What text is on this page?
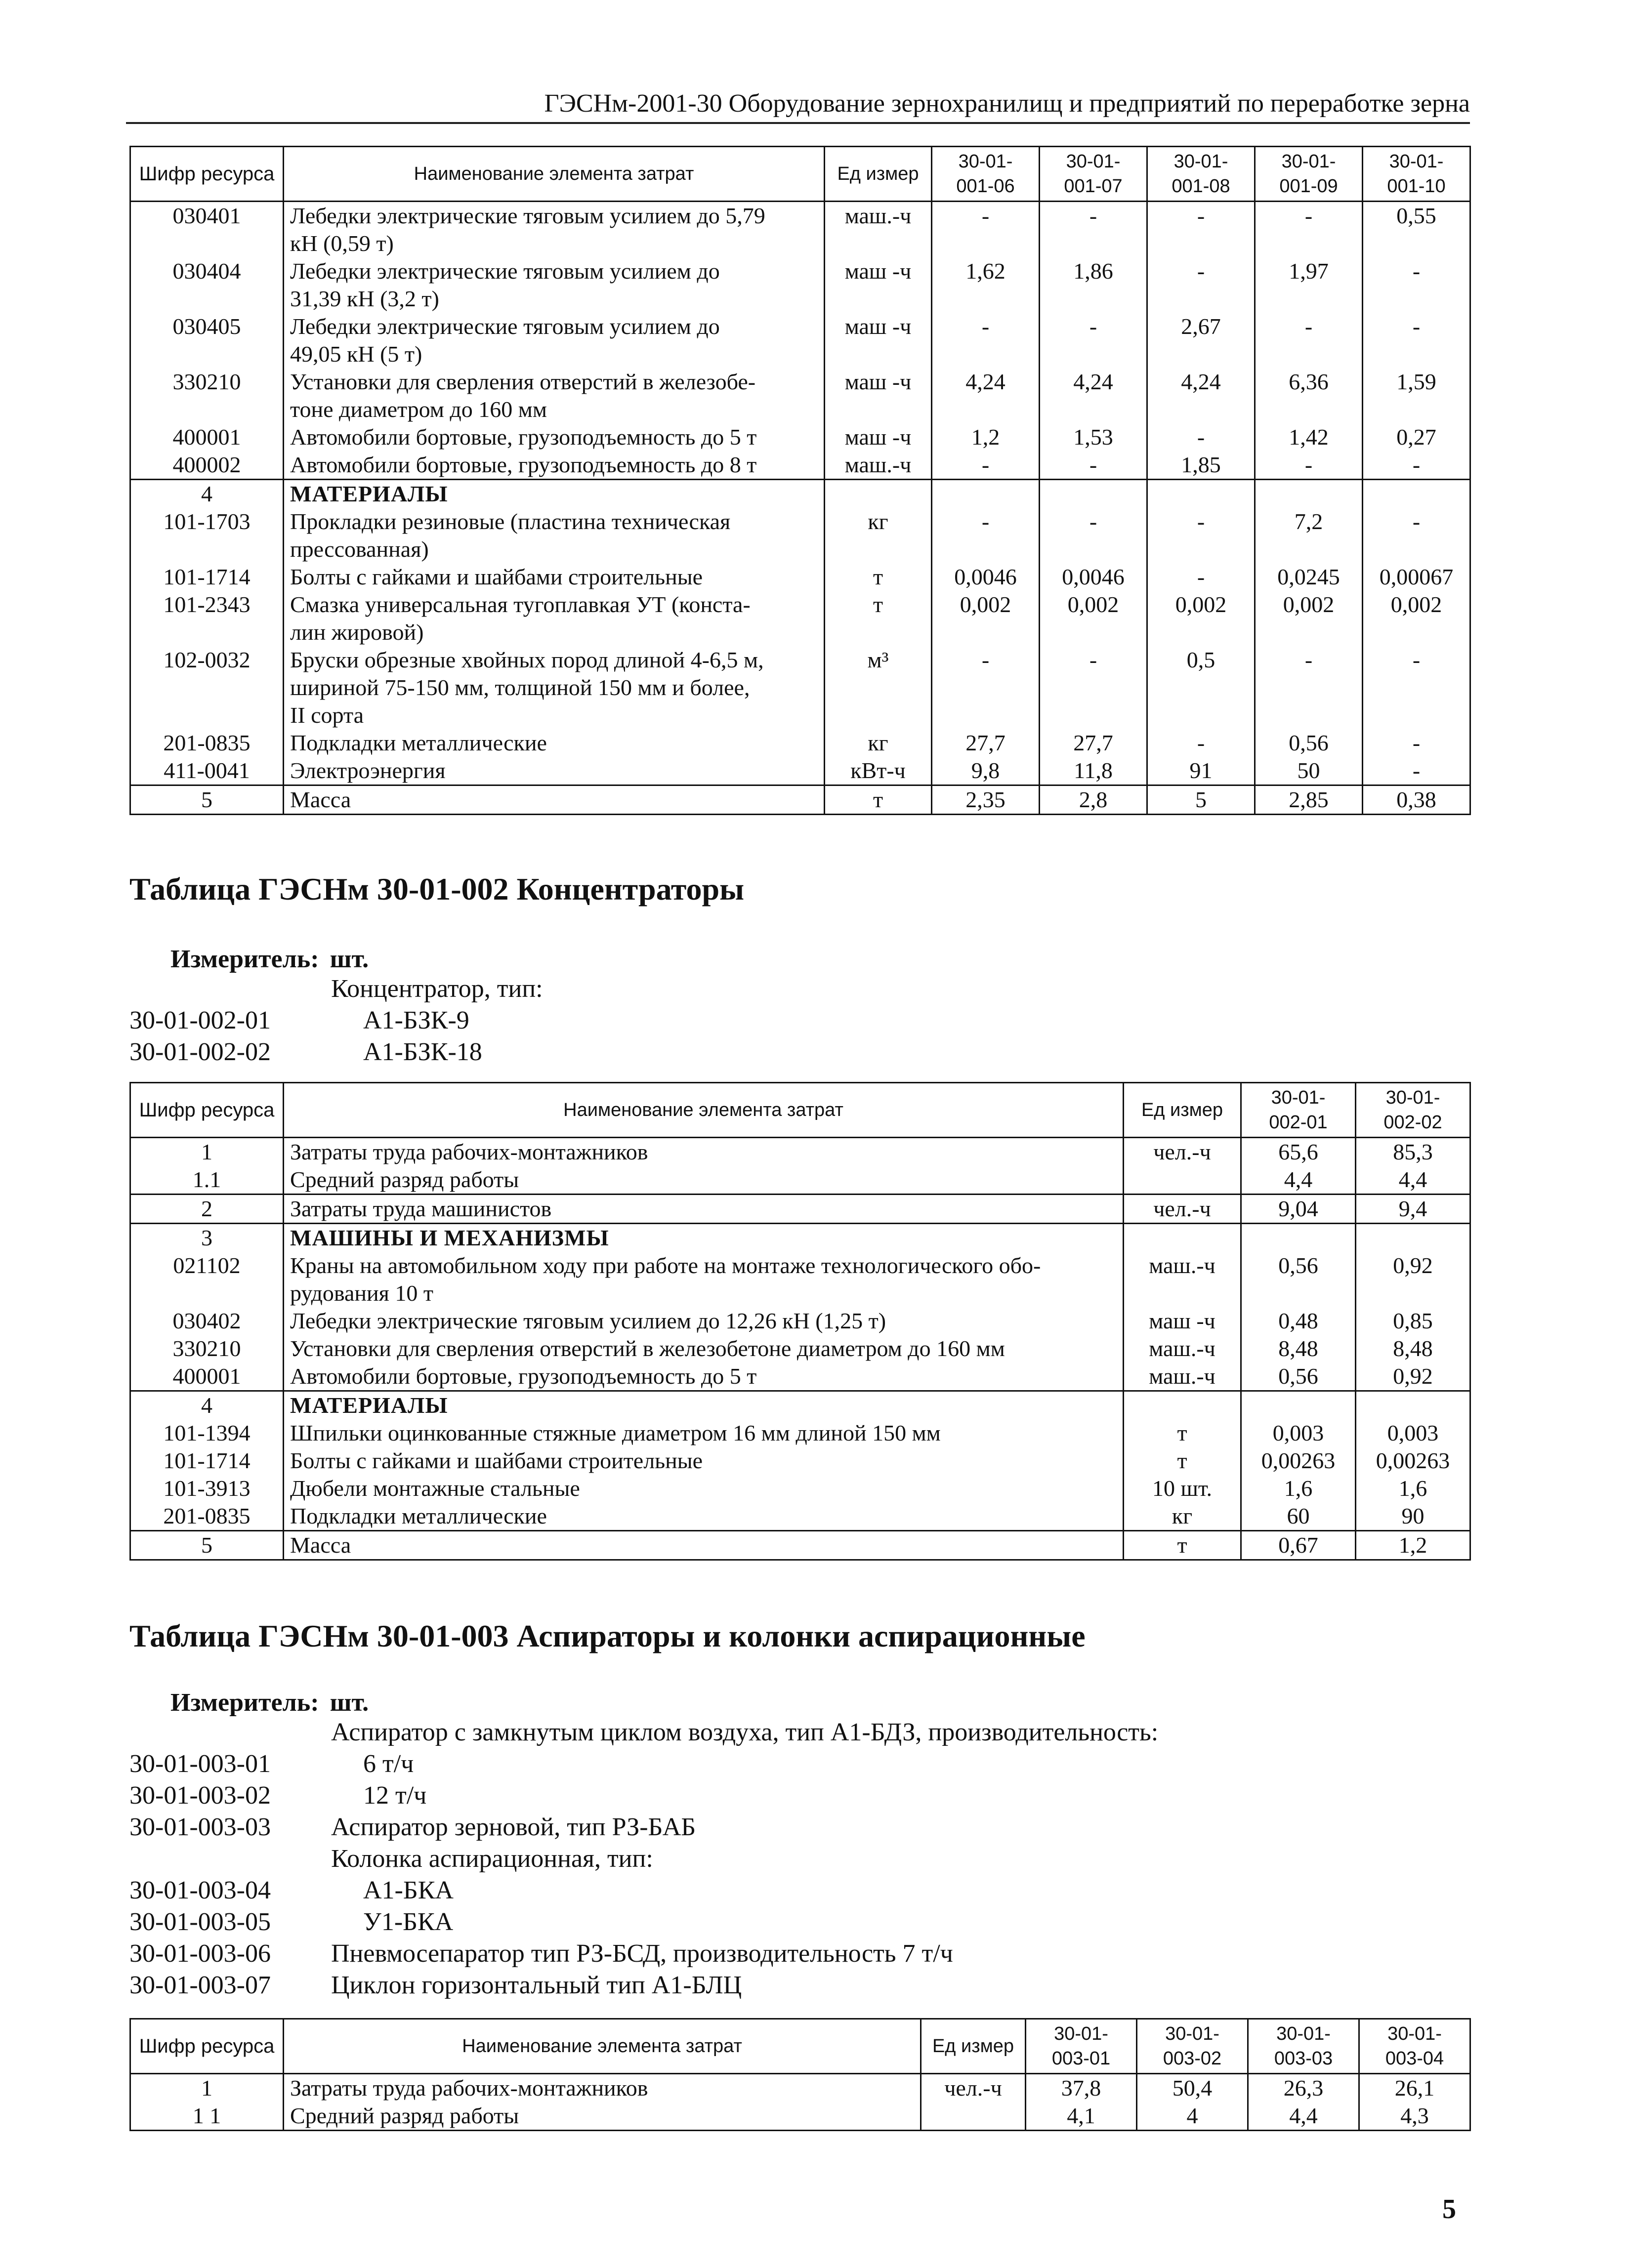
ГЭСНм-2001-30 Оборудование зернохранилищ и предприятий по переработке зерна
Шифр ресурса	Наименование элемента затрат	Ед измер	30-01-
001-06	30-01-
001-07	30-01-
001-08	30-01-
001-09	30-01-
001-10
030401	Лебедки электрические тяговым усилием до 5,79
кН (0,59 т)	маш.-ч	-	-	-	-	0,55
030404	Лебедки электрические тяговым усилием до
31,39 кН (3,2 т)	маш -ч	1,62	1,86	-	1,97	-
030405	Лебедки электрические тяговым усилием до
49,05 кН (5 т)	маш -ч	-	-	2,67	-	-
330210	Установки для сверления отверстий в железобе-
тоне диаметром до 160 мм	маш -ч	4,24	4,24	4,24	6,36	1,59
400001	Автомобили бортовые, грузоподъемность до 5 т	маш -ч	1,2	1,53	-	1,42	0,27
400002	Автомобили бортовые, грузоподъемность до 8 т	маш.-ч	-	-	1,85	-	-
4	МАТЕРИАЛЫ						
101-1703	Прокладки резиновые (пластина техническая
прессованная)	кг	-	-	-	7,2	-
101-1714	Болты с гайками и шайбами строительные	т	0,0046	0,0046	-	0,0245	0,00067
101-2343	Смазка универсальная тугоплавкая УТ (конста-
лин жировой)	т	0,002	0,002	0,002	0,002	0,002
102-0032	Бруски обрезные хвойных пород длиной 4-6,5 м,
шириной 75-150 мм, толщиной 150 мм и более,
II сорта	м³	-	-	0,5	-	-
201-0835	Подкладки металлические	кг	27,7	27,7	-	0,56	-
411-0041	Электроэнергия	кВт-ч	9,8	11,8	91	50	-
5	Масса	т	2,35	2,8	5	2,85	0,38
Таблица ГЭСНм 30-01-002 Концентраторы
Измеритель: шт.
Концентратор, тип:
30-01-002-01	А1-БЗК-9
30-01-002-02	А1-БЗК-18
Шифр ресурса	Наименование элемента затрат	Ед измер	30-01-
002-01	30-01-
002-02
1	Затраты труда рабочих-монтажников	чел.-ч	65,6	85,3
1.1	Средний разряд работы		4,4	4,4
2	Затраты труда машинистов	чел.-ч	9,04	9,4
3	МАШИНЫ И МЕХАНИЗМЫ			
021102	Краны на автомобильном ходу при работе на монтаже технологического обо-
рудования 10 т	маш.-ч	0,56	0,92
030402	Лебедки электрические тяговым усилием до 12,26 кН (1,25 т)	маш -ч	0,48	0,85
330210	Установки для сверления отверстий в железобетоне диаметром до 160 мм	маш.-ч	8,48	8,48
400001	Автомобили бортовые, грузоподъемность до 5 т	маш.-ч	0,56	0,92
4	МАТЕРИАЛЫ			
101-1394	Шпильки оцинкованные стяжные диаметром 16 мм длиной 150 мм	т	0,003	0,003
101-1714	Болты с гайками и шайбами строительные	т	0,00263	0,00263
101-3913	Дюбели монтажные стальные	10 шт.	1,6	1,6
201-0835	Подкладки металлические	кг	60	90
5	Масса	т	0,67	1,2
Таблица ГЭСНм 30-01-003 Аспираторы и колонки аспирационные
Измеритель: шт.
Аспиратор с замкнутым циклом воздуха, тип А1-БДЗ, производительность:
30-01-003-01	6 т/ч
30-01-003-02	12 т/ч
30-01-003-03 Аспиратор зерновой, тип РЗ-БАБ
Колонка аспирационная, тип:
30-01-003-04	А1-БКА
30-01-003-05	У1-БКА
30-01-003-06 Пневмосепаратор тип РЗ-БСД, производительность 7 т/ч
30-01-003-07 Циклон горизонтальный тип А1-БЛЦ
Шифр ресурса	Наименование элемента затрат	Ед измер	30-01-
003-01	30-01-
003-02	30-01-
003-03	30-01-
003-04
1	Затраты труда рабочих-монтажников	чел.-ч	37,8	50,4	26,3	26,1
1 1	Средний разряд работы		4,1	4	4,4	4,3
5
